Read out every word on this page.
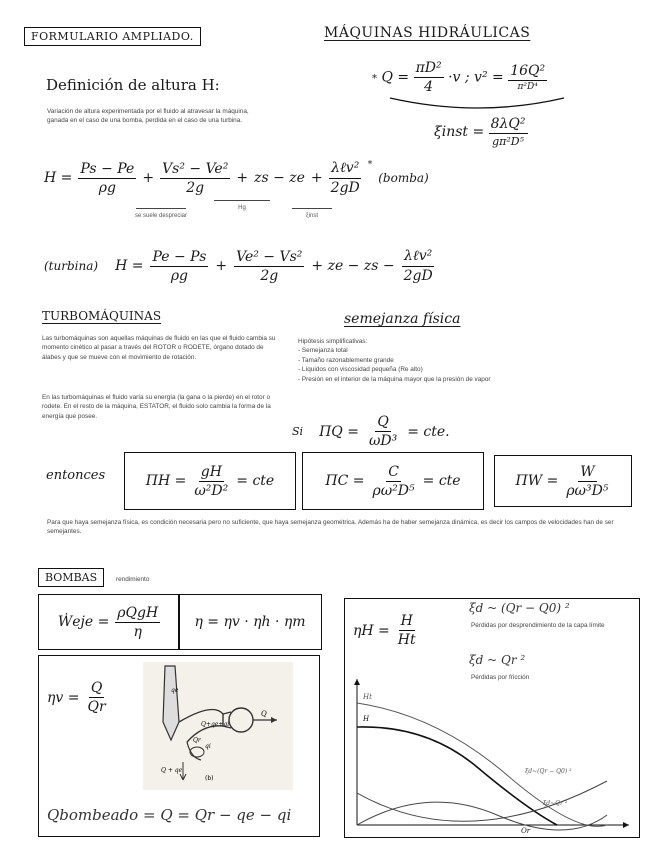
FORMULARIO AMPLIADO.	MÁQUINAS HIDRÁULICAS
* $Q = \frac{\text{πD²}}{4} \cdot v$ ; $v^2 = \frac{\text{16Q²}}{\text{π²D⁴}}$
ξinst = $\frac{\text{8λQ²}}{\text{gπ²D⁵}}$
Definición de altura H:
Variación de altura experimentada por el fluido al atravesar la máquina, ganada en el caso de una bomba, perdida en el caso de una turbina.
$H = \frac{Ps - Pe}{\rho g} + \frac{\text{Vs² − Ve²}}{2g}$ + zs − ze + $\frac{\text{λℓv²}}{2gD}$ *
(bomba)
se suele despreciar
Hg
ξinst
(turbina) $H = \frac{Pe - Ps}{\rho g} + \frac{\text{Ve² − Vs²}}{2g}$ + ze − zs − $\frac{\text{λℓv²}}{2gD}$
TURBOMÁQUINAS
Las turbomáquinas son aquellas máquinas de fluido en las que el fluido cambia su momento cinético al pasar a través del ROTOR o RODETE, órgano dotado de álabes y que se mueve con el movimiento de rotación.
En las turbomáquinas el fluido varía su energía (la gana o la pierde) en el rotor o rodete. En el resto de la máquina, ESTATOR, el fluido solo cambia la forma de la energía que posee.
semejanza física
Hipótesis simplificativas:
- Semejanza total
- Tamaño razonablemente grande
- Líquidos con viscosidad pequeña (Re alto)
- Presión en el interior de la máquina mayor que la presión de vapor
Si $\Pi Q = \frac{Q}{\text{ωD³}}$ = cte.
entonces	$\Pi H = \frac{gH}{\text{ω²D²}}$ = cte	$\Pi C = \frac{C}{\text{ρω²D⁵}}$ = cte	$\Pi W = \frac{W}{\text{ρω³D⁵}}$
Para que haya semejanza física, es condición necesaria pero no suficiente, que haya semejanza geométrica. Además ha de haber semejanza dinámica, es decir los campos de velocidades han de ser semejantes.
BOMBAS	rendimiento
Ẇeje = $\frac{\text{ρQgH}}{\eta}$	η = ηv · ηh · ηm
$\eta v = \frac{Q}{Qr}$	qe
Q
Q+qe+qi
qi
Qr
Q + qe
(b)
Qbombeado = Q = Qr − qe − qi
$\eta H = \frac{H}{Ht}$
ξd ~ (Qr − Q0) ²
Pérdidas por desprendimiento de la capa límite
ξd ~ Qr ²
Pérdidas por fricción
Ht
H
ξd~(Qr − Q0) ²
ξd~Qr ²
Qr
